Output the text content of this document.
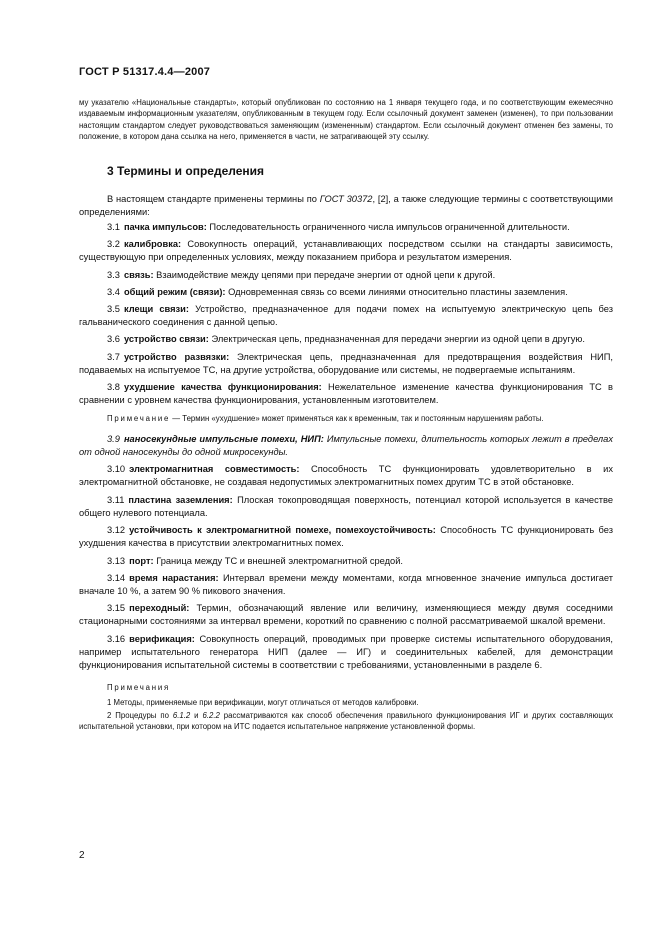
ГОСТ Р 51317.4.4—2007

му указателю «Национальные стандарты», который опубликован по состоянию на 1 января текущего года, и по соответствующим ежемесячно издаваемым информационным указателям, опубликованным в текущем году. Если ссылочный документ заменен (изменен), то при пользовании настоящим стандартом следует руководствоваться заменяющим (измененным) стандартом. Если ссылочный документ отменен без замены, то положение, в котором дана ссылка на него, применяется в части, не затрагивающей эту ссылку.

3 Термины и определения

В настоящем стандарте применены термины по ГОСТ 30372, [2], а также следующие термины с соответствующими определениями:

3.1 пачка импульсов: Последовательность ограниченного числа импульсов ограниченной длительности.

3.2 калибровка: Совокупность операций, устанавливающих посредством ссылки на стандарты зависимость, существующую при определенных условиях, между показанием прибора и результатом измерения.

3.3 связь: Взаимодействие между цепями при передаче энергии от одной цепи к другой.

3.4 общий режим (связи): Одновременная связь со всеми линиями относительно пластины заземления.

3.5 клещи связи: Устройство, предназначенное для подачи помех на испытуемую электрическую цепь без гальванического соединения с данной цепью.

3.6 устройство связи: Электрическая цепь, предназначенная для передачи энергии из одной цепи в другую.

3.7 устройство развязки: Электрическая цепь, предназначенная для предотвращения воздействия НИП, подаваемых на испытуемое ТС, на другие устройства, оборудование или системы, не подвергаемые испытаниям.

3.8 ухудшение качества функционирования: Нежелательное изменение качества функционирования ТС в сравнении с уровнем качества функционирования, установленным изготовителем.

Примечание — Термин «ухудшение» может применяться как к временным, так и постоянным нарушениям работы.

3.9 наносекундные импульсные помехи, НИП: Импульсные помехи, длительность которых лежит в пределах от одной наносекунды до одной микросекунды.

3.10 электромагнитная совместимость: Способность ТС функционировать удовлетворительно в их электромагнитной обстановке, не создавая недопустимых электромагнитных помех другим ТС в этой обстановке.

3.11 пластина заземления: Плоская токопроводящая поверхность, потенциал которой используется в качестве общего нулевого потенциала.

3.12 устойчивость к электромагнитной помехе, помехоустойчивость: Способность ТС функционировать без ухудшения качества в присутствии электромагнитных помех.

3.13 порт: Граница между ТС и внешней электромагнитной средой.

3.14 время нарастания: Интервал времени между моментами, когда мгновенное значение импульса достигает вначале 10 %, а затем 90 % пикового значения.

3.15 переходный: Термин, обозначающий явление или величину, изменяющиеся между двумя соседними стационарными состояниями за интервал времени, короткий по сравнению с полной рассматриваемой шкалой времени.

3.16 верификация: Совокупность операций, проводимых при проверке системы испытательного оборудования, например испытательного генератора НИП (далее — ИГ) и соединительных кабелей, для демонстрации функционирования испытательной системы в соответствии с требованиями, установленными в разделе 6.

Примечания

1 Методы, применяемые при верификации, могут отличаться от методов калибровки.

2 Процедуры по 6.1.2 и 6.2.2 рассматриваются как способ обеспечения правильного функционирования ИГ и других составляющих испытательной установки, при котором на ИТС подается испытательное напряжение установленной формы.

2
